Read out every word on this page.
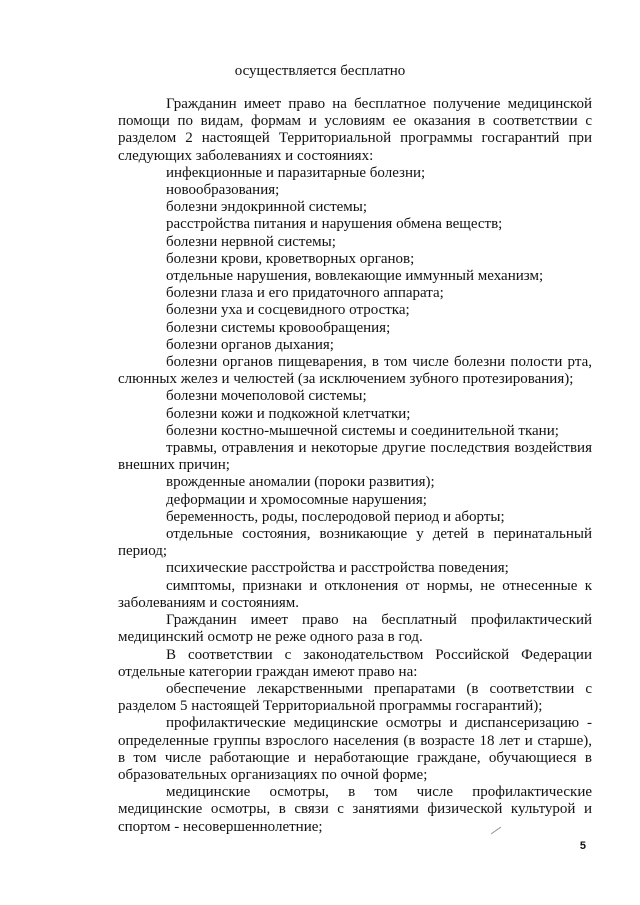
осуществляется бесплатно

Гражданин имеет право на бесплатное получение медицинской помощи по видам, формам и условиям ее оказания в соответствии с разделом 2 настоящей Территориальной программы госгарантий при следующих заболеваниях и состояниях:

инфекционные и паразитарные болезни;

новообразования;

болезни эндокринной системы;

расстройства питания и нарушения обмена веществ;

болезни нервной системы;

болезни крови, кроветворных органов;

отдельные нарушения, вовлекающие иммунный механизм;

болезни глаза и его придаточного аппарата;

болезни уха и сосцевидного отростка;

болезни системы кровообращения;

болезни органов дыхания;

болезни органов пищеварения, в том числе болезни полости рта, слюнных желез и челюстей (за исключением зубного протезирования);

болезни мочеполовой системы;

болезни кожи и подкожной клетчатки;

болезни костно-мышечной системы и соединительной ткани;

травмы, отравления и некоторые другие последствия воздействия внешних причин;

врожденные аномалии (пороки развития);

деформации и хромосомные нарушения;

беременность, роды, послеродовой период и аборты;

отдельные состояния, возникающие у детей в перинатальный период;

психические расстройства и расстройства поведения;

симптомы, признаки и отклонения от нормы, не отнесенные к заболеваниям и состояниям.

Гражданин имеет право на бесплатный профилактический медицинский осмотр не реже одного раза в год.

В соответствии с законодательством Российской Федерации отдельные категории граждан имеют право на:

обеспечение лекарственными препаратами (в соответствии с разделом 5 настоящей Территориальной программы госгарантий);

профилактические медицинские осмотры и диспансеризацию - определенные группы взрослого населения (в возрасте 18 лет и старше), в том числе работающие и неработающие граждане, обучающиеся в образовательных организациях по очной форме;

медицинские осмотры, в том числе профилактические медицинские осмотры, в связи с занятиями физической культурой и спортом - несовершеннолетние;

5
